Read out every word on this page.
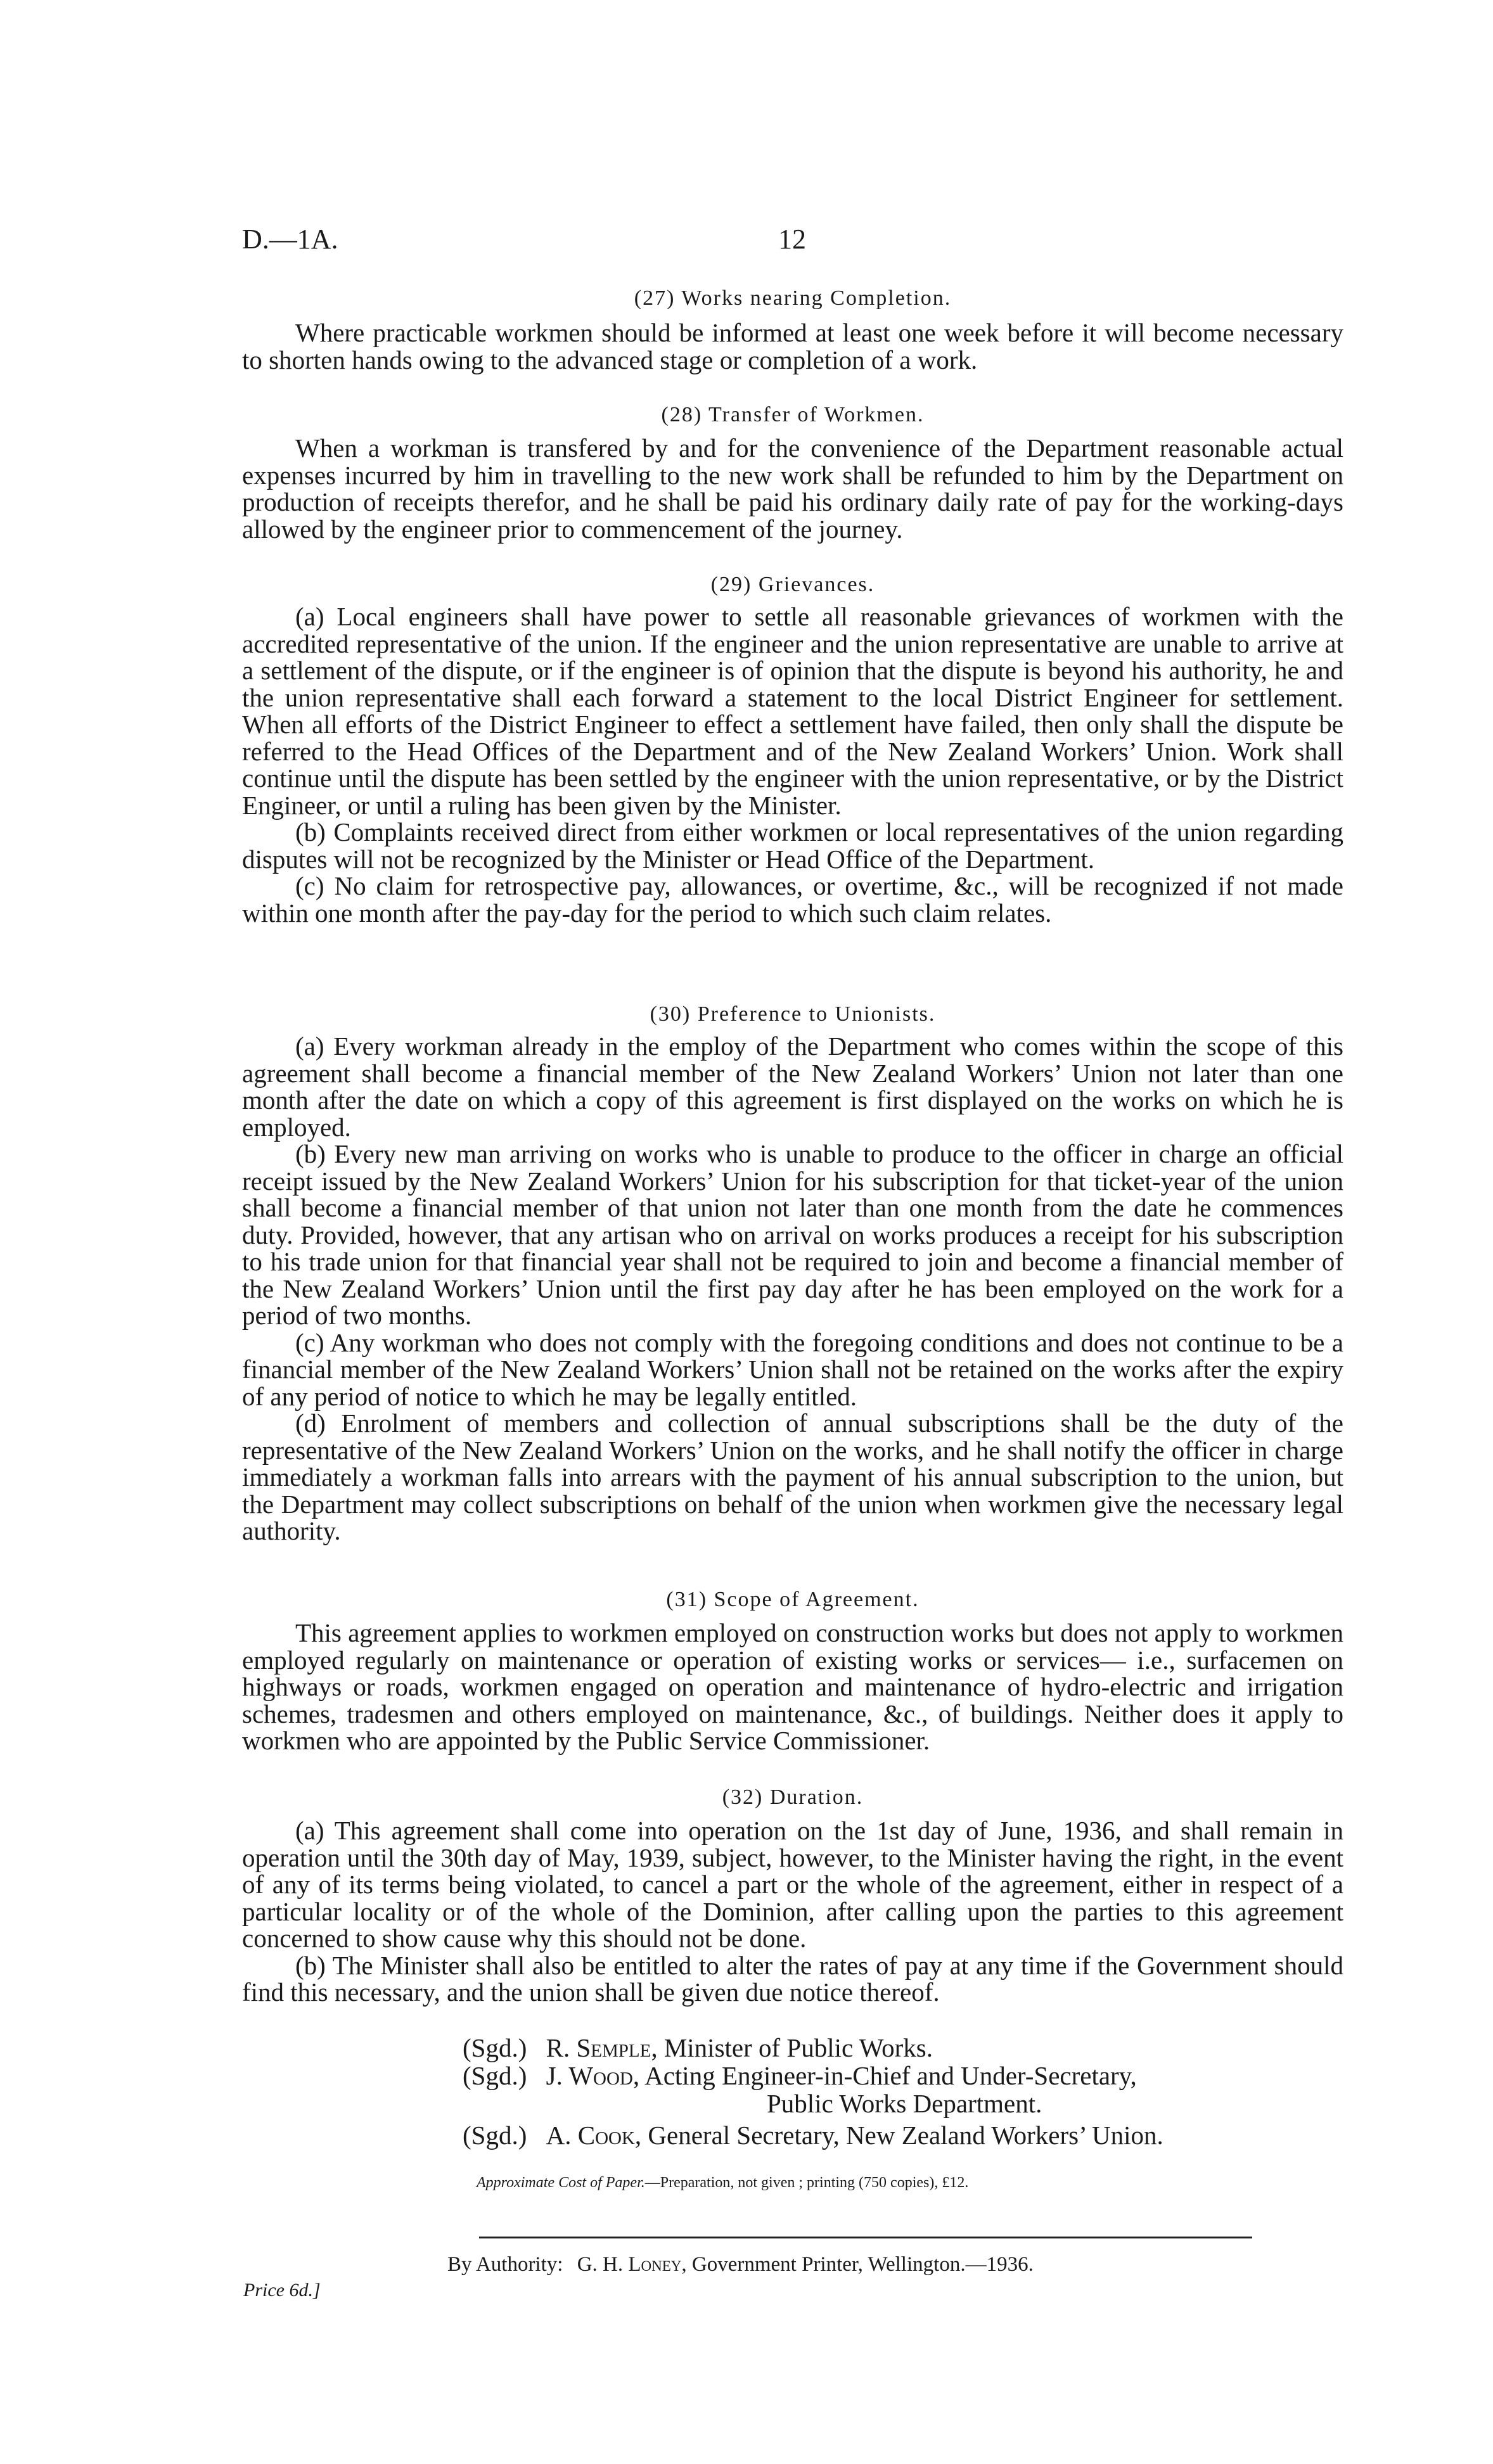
D.—1A.	12

(27) Works nearing Completion.

Where practicable workmen should be informed at least one week before it will become necessary to shorten hands owing to the advanced stage or completion of a work.

(28) Transfer of Workmen.

When a workman is transfered by and for the convenience of the Department reasonable actual expenses incurred by him in travelling to the new work shall be refunded to him by the Department on production of receipts therefor, and he shall be paid his ordinary daily rate of pay for the working-days allowed by the engineer prior to commencement of the journey.

(29) Grievances.

(a) Local engineers shall have power to settle all reasonable grievances of workmen with the accredited representative of the union. If the engineer and the union representative are unable to arrive at a settlement of the dispute, or if the engineer is of opinion that the dispute is beyond his authority, he and the union representative shall each forward a statement to the local District Engineer for settlement. When all efforts of the District Engineer to effect a settlement have failed, then only shall the dispute be referred to the Head Offices of the Department and of the New Zealand Workers’ Union. Work shall continue until the dispute has been settled by the engineer with the union representative, or by the District Engineer, or until a ruling has been given by the Minister.

(b) Complaints received direct from either workmen or local representatives of the union regarding disputes will not be recognized by the Minister or Head Office of the Department.

(c) No claim for retrospective pay, allowances, or overtime, &c., will be recognized if not made within one month after the pay-day for the period to which such claim relates.

(30) Preference to Unionists.

(a) Every workman already in the employ of the Department who comes within the scope of this agreement shall become a financial member of the New Zealand Workers’ Union not later than one month after the date on which a copy of this agreement is first displayed on the works on which he is employed.

(b) Every new man arriving on works who is unable to produce to the officer in charge an official receipt issued by the New Zealand Workers’ Union for his subscription for that ticket-year of the union shall become a financial member of that union not later than one month from the date he commences duty. Provided, however, that any artisan who on arrival on works produces a receipt for his subscription to his trade union for that financial year shall not be required to join and become a financial member of the New Zealand Workers’ Union until the first pay day after he has been employed on the work for a period of two months.

(c) Any workman who does not comply with the foregoing conditions and does not continue to be a financial member of the New Zealand Workers’ Union shall not be retained on the works after the expiry of any period of notice to which he may be legally entitled.

(d) Enrolment of members and collection of annual subscriptions shall be the duty of the representative of the New Zealand Workers’ Union on the works, and he shall notify the officer in charge immediately a workman falls into arrears with the payment of his annual subscription to the union, but the Department may collect subscriptions on behalf of the union when workmen give the necessary legal authority.

(31) Scope of Agreement.

This agreement applies to workmen employed on construction works but does not apply to workmen employed regularly on maintenance or operation of existing works or services— i.e., surfacemen on highways or roads, workmen engaged on operation and maintenance of hydro-electric and irrigation schemes, tradesmen and others employed on maintenance, &c., of buildings. Neither does it apply to workmen who are appointed by the Public Service Commissioner.

(32) Duration.

(a) This agreement shall come into operation on the 1st day of June, 1936, and shall remain in operation until the 30th day of May, 1939, subject, however, to the Minister having the right, in the event of any of its terms being violated, to cancel a part or the whole of the agreement, either in respect of a particular locality or of the whole of the Dominion, after calling upon the parties to this agreement concerned to show cause why this should not be done.

(b) The Minister shall also be entitled to alter the rates of pay at any time if the Government should find this necessary, and the union shall be given due notice thereof.

(Sgd.) R. Semple, Minister of Public Works.
(Sgd.) J. Wood, Acting Engineer-in-Chief and Under-Secretary,
Public Works Department.
(Sgd.) A. Cook, General Secretary, New Zealand Workers’ Union.
Approximate Cost of Paper.—Preparation, not given ; printing (750 copies), £12.
By Authority: G. H. Loney, Government Printer, Wellington.—1936.
Price 6d.]
